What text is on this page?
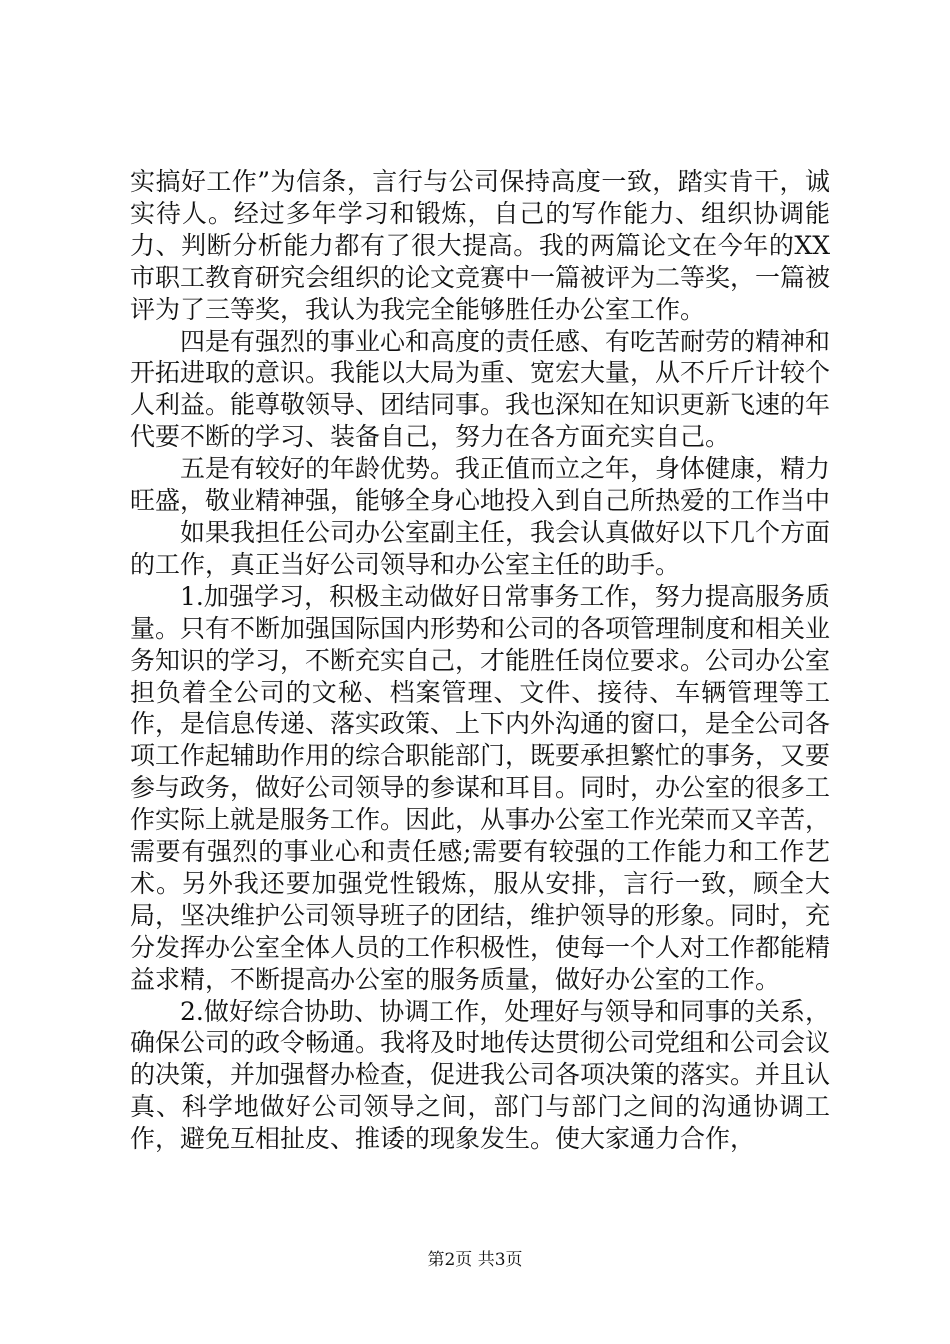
实搞好工作”为信条，言行与公司保持高度一致，踏实肯干，诚实待人。经过多年学习和锻炼，自己的写作能力、组织协调能力、判断分析能力都有了很大提高。我的两篇论文在今年的XX市职工教育研究会组织的论文竞赛中一篇被评为二等奖，一篇被评为了三等奖，我认为我完全能够胜任办公室工作。

四是有强烈的事业心和高度的责任感、有吃苦耐劳的精神和开拓进取的意识。我能以大局为重、宽宏大量，从不斤斤计较个人利益。能尊敬领导、团结同事。我也深知在知识更新飞速的年代要不断的学习、装备自己，努力在各方面充实自己。

五是有较好的年龄优势。我正值而立之年，身体健康，精力旺盛，敬业精神强，能够全身心地投入到自己所热爱的工作当中

如果我担任公司办公室副主任，我会认真做好以下几个方面的工作，真正当好公司领导和办公室主任的助手。

1.加强学习，积极主动做好日常事务工作，努力提高服务质量。只有不断加强国际国内形势和公司的各项管理制度和相关业务知识的学习，不断充实自己，才能胜任岗位要求。公司办公室担负着全公司的文秘、档案管理、文件、接待、车辆管理等工作，是信息传递、落实政策、上下内外沟通的窗口，是全公司各项工作起辅助作用的综合职能部门，既要承担繁忙的事务，又要参与政务，做好公司领导的参谋和耳目。同时，办公室的很多工作实际上就是服务工作。因此，从事办公室工作光荣而又辛苦，需要有强烈的事业心和责任感;需要有较强的工作能力和工作艺术。另外我还要加强党性锻炼，服从安排，言行一致，顾全大局，坚决维护公司领导班子的团结，维护领导的形象。同时，充分发挥办公室全体人员的工作积极性，使每一个人对工作都能精益求精，不断提高办公室的服务质量，做好办公室的工作。

2.做好综合协助、协调工作，处理好与领导和同事的关系，确保公司的政令畅通。我将及时地传达贯彻公司党组和公司会议的决策，并加强督办检查，促进我公司各项决策的落实。并且认真、科学地做好公司领导之间，部门与部门之间的沟通协调工作，避免互相扯皮、推诿的现象发生。使大家通力合作，

第2页 共3页
